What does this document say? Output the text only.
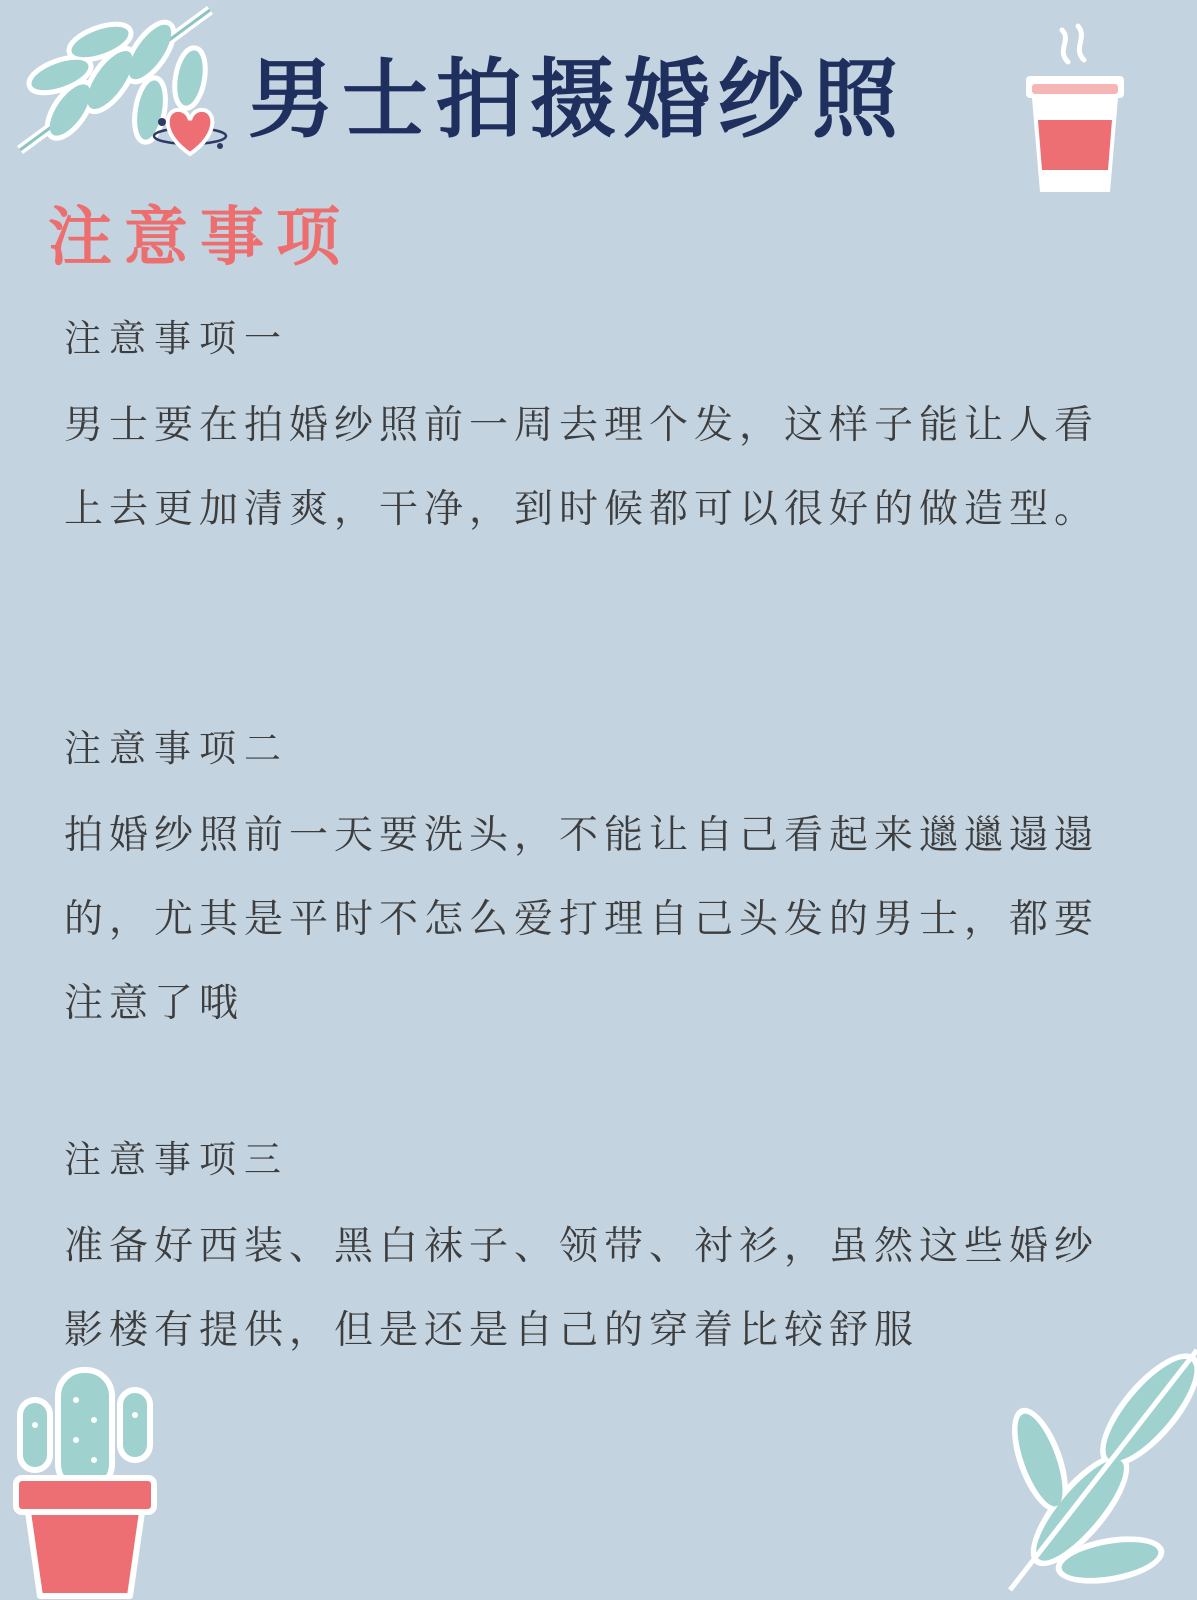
男士拍摄婚纱照
注意事项

注意事项一

男士要在拍婚纱照前一周去理个发，这样子能让人看上去更加清爽，干净，到时候都可以很好的做造型。

注意事项二

拍婚纱照前一天要洗头，不能让自己看起来邋邋遢遢的，尤其是平时不怎么爱打理自己头发的男士，都要注意了哦

注意事项三

准备好西装、黑白袜子、领带、衬衫，虽然这些婚纱影楼有提供，但是还是自己的穿着比较舒服
